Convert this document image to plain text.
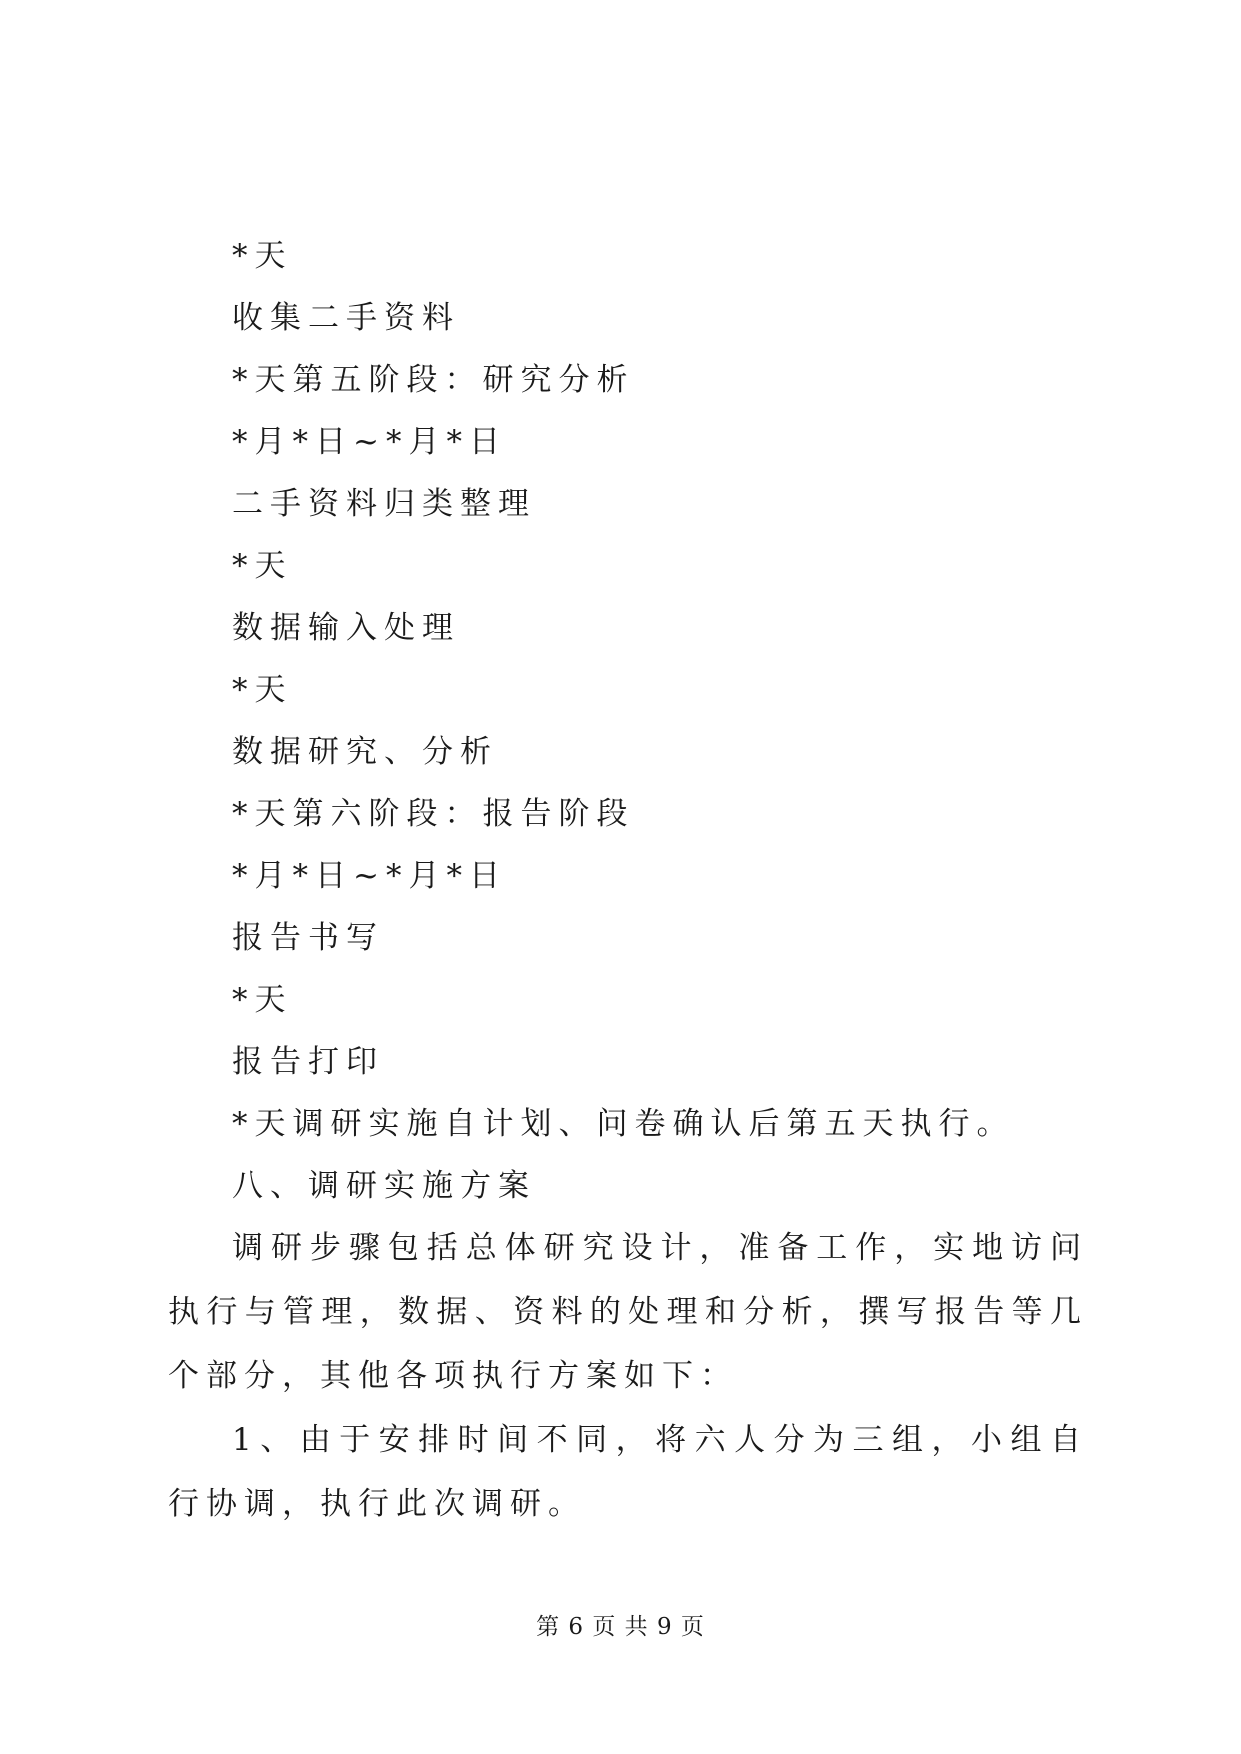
*天
收集二手资料
*天第五阶段：研究分析
*月*日~*月*日
二手资料归类整理
*天
数据输入处理
*天
数据研究、分析
*天第六阶段：报告阶段
*月*日~*月*日
报告书写
*天
报告打印
*天调研实施自计划、问卷确认后第五天执行。
八、调研实施方案
调研步骤包括总体研究设计，准备工作，实地访问执行与管理，数据、资料的处理和分析，撰写报告等几个部分，其他各项执行方案如下：
1、由于安排时间不同，将六人分为三组，小组自行协调，执行此次调研。
第 6 页 共 9 页
